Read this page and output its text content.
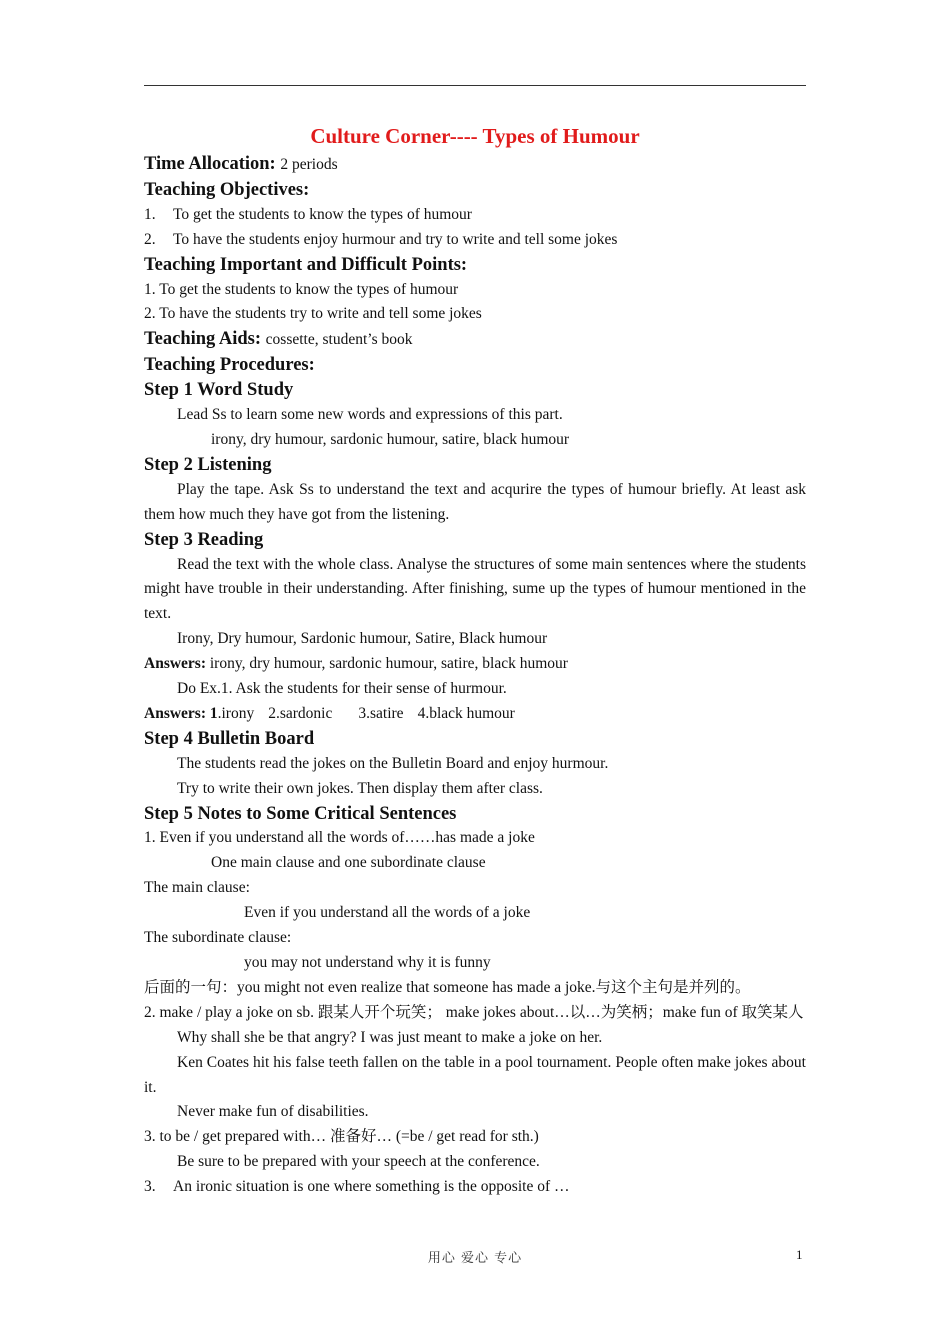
Culture Corner---- Types of Humour

Time Allocation: 2 periods

Teaching Objectives:

1. To get the students to know the types of humour

2. To have the students enjoy hurmour and try to write and tell some jokes

Teaching Important and Difficult Points:

1. To get the students to know the types of humour

2. To have the students try to write and tell some jokes

Teaching Aids: cossette, student’s book

Teaching Procedures:

Step 1 Word Study

Lead Ss to learn some new words and expressions of this part.

irony, dry humour, sardonic humour, satire, black humour

Step 2 Listening

Play the tape. Ask Ss to understand the text and acqurire the types of humour briefly. At least ask them how much they have got from the listening.

Step 3 Reading

Read the text with the whole class. Analyse the structures of some main sentences where the students might have trouble in their understanding. After finishing, sume up the types of humour mentioned in the text.

Irony, Dry humour, Sardonic humour, Satire, Black humour

Answers: irony, dry humour, sardonic humour, satire, black humour

Do Ex.1. Ask the students for their sense of hurmour.

Answers: 1.irony 2.sardonic 3.satire 4.black humour

Step 4 Bulletin Board

The students read the jokes on the Bulletin Board and enjoy hurmour.

Try to write their own jokes. Then display them after class.

Step 5 Notes to Some Critical Sentences

1. Even if you understand all the words of……has made a joke

One main clause and one subordinate clause

The main clause:

Even if you understand all the words of a joke

The subordinate clause:

you may not understand why it is funny

后面的一句：you might not even realize that someone has made a joke.与这个主句是并列的。

2. make / play a joke on sb. 跟某人开个玩笑； make jokes about…以…为笑柄；make fun of 取笑某人

Why shall she be that angry? I was just meant to make a joke on her.

Ken Coates hit his false teeth fallen on the table in a pool tournament. People often make jokes about it.

Never make fun of disabilities.

3. to be / get prepared with… 准备好… (=be / get read for sth.)

Be sure to be prepared with your speech at the conference.

3. An ironic situation is one where something is the opposite of …

用心 爱心 专心	1
